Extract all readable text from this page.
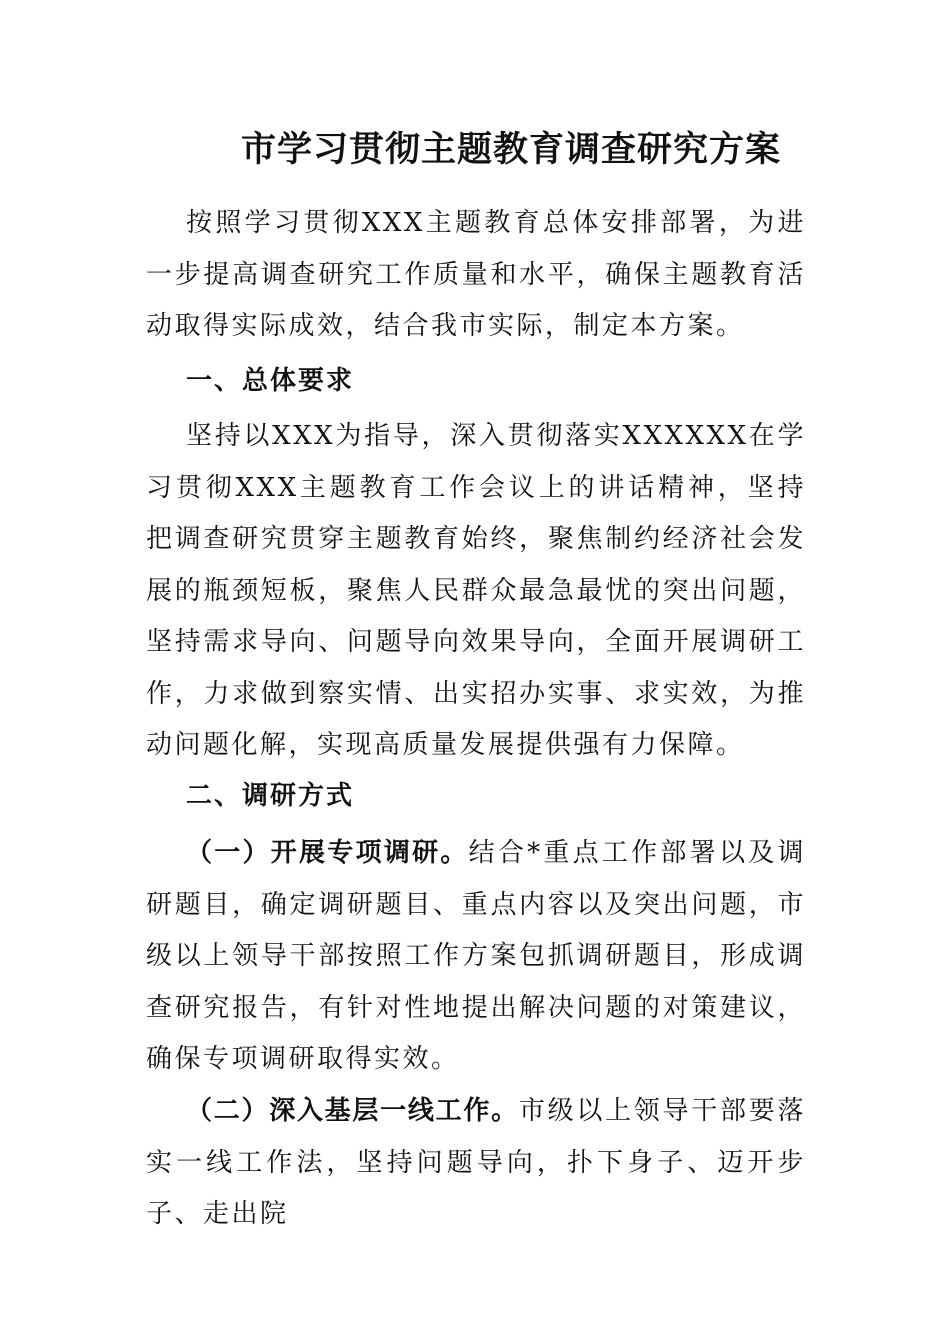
市学习贯彻主题教育调查研究方案

按照学习贯彻XXX主题教育总体安排部署，为进一步提高调查研究工作质量和水平，确保主题教育活动取得实际成效，结合我市实际，制定本方案。

一、总体要求

坚持以XXX为指导，深入贯彻落实XXXXXX在学习贯彻XXX主题教育工作会议上的讲话精神，坚持把调查研究贯穿主题教育始终，聚焦制约经济社会发展的瓶颈短板，聚焦人民群众最急最忧的突出问题，坚持需求导向、问题导向效果导向，全面开展调研工作，力求做到察实情、出实招办实事、求实效，为推动问题化解，实现高质量发展提供强有力保障。

二、调研方式

（一）开展专项调研。结合*重点工作部署以及调研题目，确定调研题目、重点内容以及突出问题，市级以上领导干部按照工作方案包抓调研题目，形成调查研究报告，有针对性地提出解决问题的对策建议，确保专项调研取得实效。

（二）深入基层一线工作。市级以上领导干部要落实一线工作法，坚持问题导向，扑下身子、迈开步子、走出院
